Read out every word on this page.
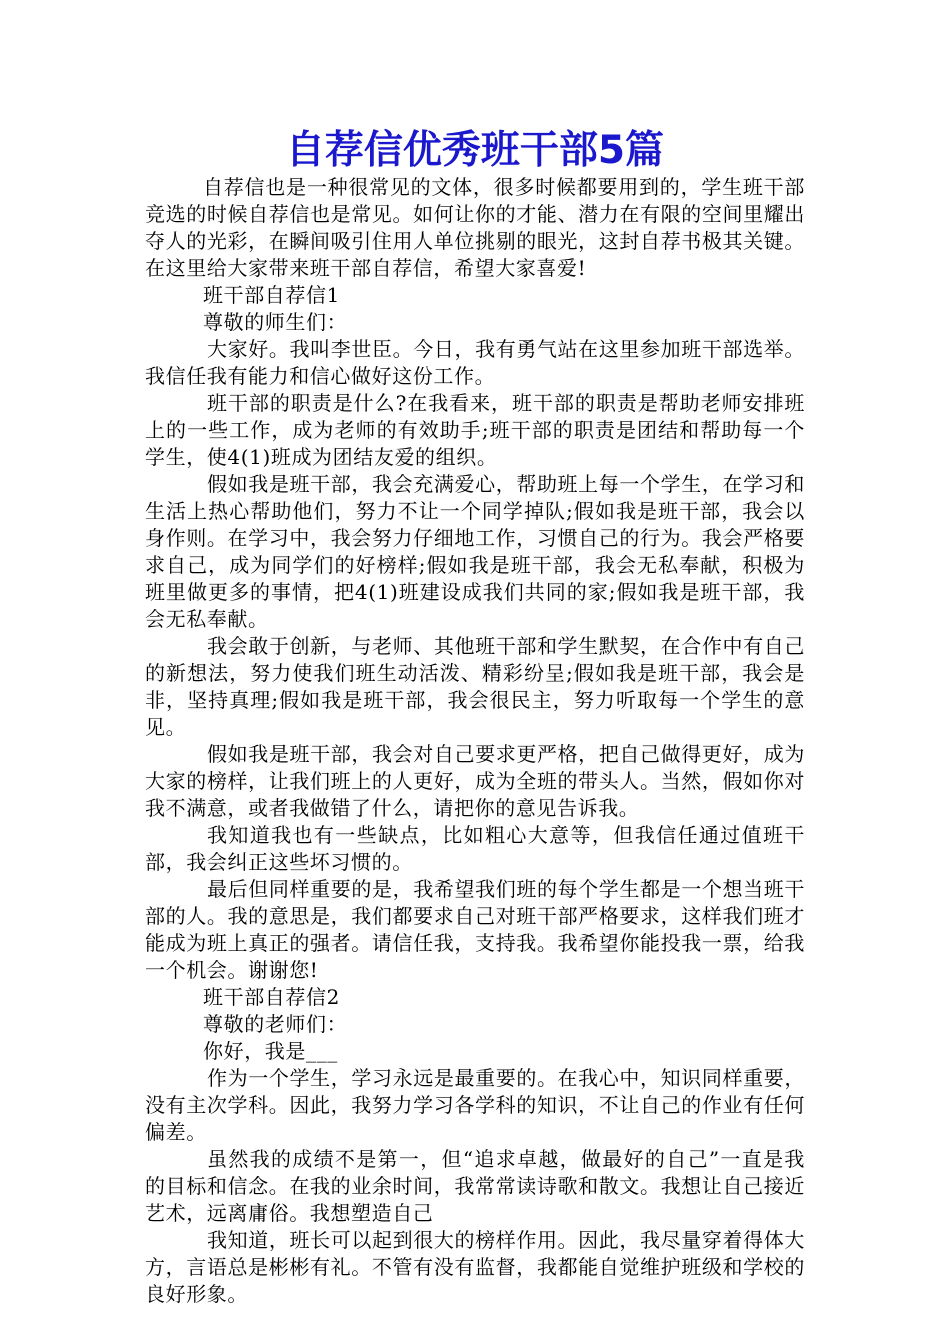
自荐信优秀班干部5篇

自荐信也是一种很常见的文体，很多时候都要用到的，学生班干部竞选的时候自荐信也是常见。如何让你的才能、潜力在有限的空间里耀出夺人的光彩，在瞬间吸引住用人单位挑剔的眼光，这封自荐书极其关键。在这里给大家带来班干部自荐信，希望大家喜爱!

班干部自荐信1

尊敬的师生们：

大家好。我叫李世臣。今日，我有勇气站在这里参加班干部选举。我信任我有能力和信心做好这份工作。

班干部的职责是什么?在我看来，班干部的职责是帮助老师安排班上的一些工作，成为老师的有效助手;班干部的职责是团结和帮助每一个学生，使4(1)班成为团结友爱的组织。

假如我是班干部，我会充满爱心，帮助班上每一个学生，在学习和生活上热心帮助他们，努力不让一个同学掉队;假如我是班干部，我会以身作则。在学习中，我会努力仔细地工作，习惯自己的行为。我会严格要求自己，成为同学们的好榜样;假如我是班干部，我会无私奉献，积极为班里做更多的事情，把4(1)班建设成我们共同的家;假如我是班干部，我会无私奉献。

我会敢于创新，与老师、其他班干部和学生默契，在合作中有自己的新想法，努力使我们班生动活泼、精彩纷呈;假如我是班干部，我会是非，坚持真理;假如我是班干部，我会很民主，努力听取每一个学生的意见。

假如我是班干部，我会对自己要求更严格，把自己做得更好，成为大家的榜样，让我们班上的人更好，成为全班的带头人。当然，假如你对我不满意，或者我做错了什么，请把你的意见告诉我。

我知道我也有一些缺点，比如粗心大意等，但我信任通过值班干部，我会纠正这些坏习惯的。

最后但同样重要的是，我希望我们班的每个学生都是一个想当班干部的人。我的意思是，我们都要求自己对班干部严格要求，这样我们班才能成为班上真正的强者。请信任我，支持我。我希望你能投我一票，给我一个机会。谢谢您!

班干部自荐信2

尊敬的老师们：

你好，我是___

作为一个学生，学习永远是最重要的。在我心中，知识同样重要，没有主次学科。因此，我努力学习各学科的知识，不让自己的作业有任何偏差。

虽然我的成绩不是第一，但“追求卓越，做最好的自己”一直是我的目标和信念。在我的业余时间，我常常读诗歌和散文。我想让自己接近艺术，远离庸俗。我想塑造自己

我知道，班长可以起到很大的榜样作用。因此，我尽量穿着得体大方，言语总是彬彬有礼。不管有没有监督，我都能自觉维护班级和学校的良好形象。
